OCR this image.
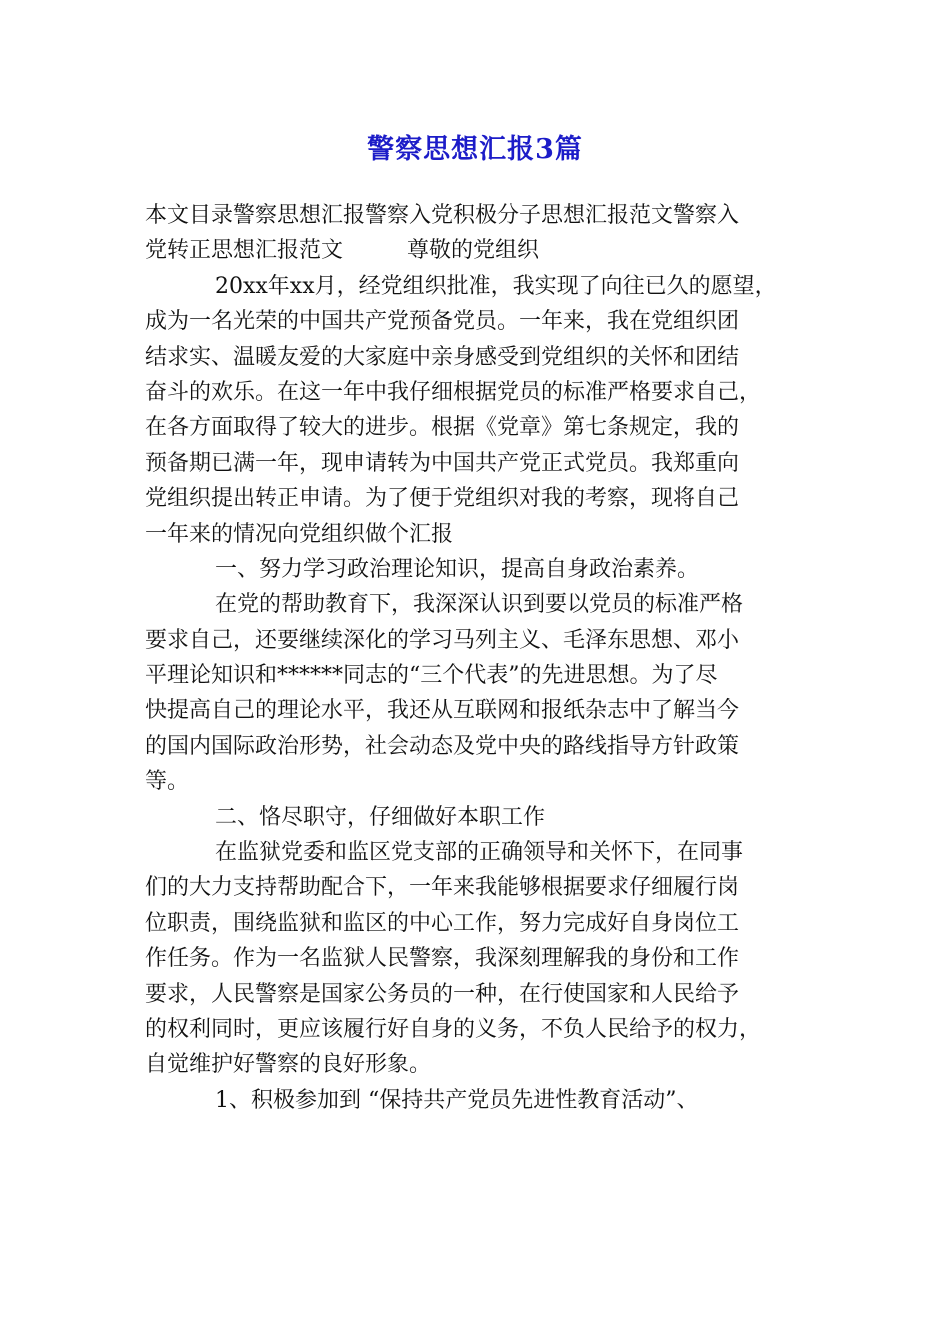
警察思想汇报3篇
本文目录警察思想汇报警察入党积极分子思想汇报范文警察入
党转正思想汇报范文	尊敬的党组织
20xx年xx月，经党组织批准，我实现了向往已久的愿望，
成为一名光荣的中国共产党预备党员。一年来，我在党组织团
结求实、温暖友爱的大家庭中亲身感受到党组织的关怀和团结
奋斗的欢乐。在这一年中我仔细根据党员的标准严格要求自己，
在各方面取得了较大的进步。根据《党章》第七条规定，我的
预备期已满一年，现申请转为中国共产党正式党员。我郑重向
党组织提出转正申请。为了便于党组织对我的考察，现将自己
一年来的情况向党组织做个汇报
一、努力学习政治理论知识，提高自身政治素养。
在党的帮助教育下，我深深认识到要以党员的标准严格
要求自己，还要继续深化的学习马列主义、毛泽东思想、邓小
平理论知识和******同志的“三个代表”的先进思想。为了尽
快提高自己的理论水平，我还从互联网和报纸杂志中了解当今
的国内国际政治形势，社会动态及党中央的路线指导方针政策
等。
二、恪尽职守，仔细做好本职工作
在监狱党委和监区党支部的正确领导和关怀下，在同事
们的大力支持帮助配合下，一年来我能够根据要求仔细履行岗
位职责，围绕监狱和监区的中心工作，努力完成好自身岗位工
作任务。作为一名监狱人民警察，我深刻理解我的身份和工作
要求，人民警察是国家公务员的一种，在行使国家和人民给予
的权利同时，更应该履行好自身的义务，不负人民给予的权力，
自觉维护好警察的良好形象。
1、积极参加到 “保持共产党员先进性教育活动”、
